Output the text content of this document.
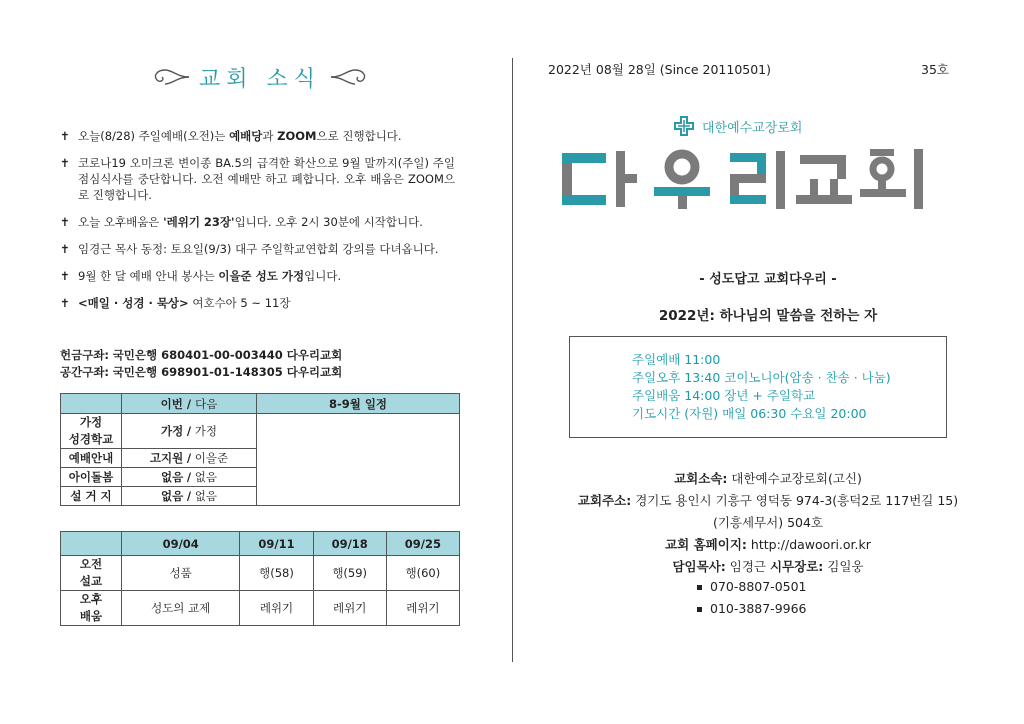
교회 소식
✝ 오늘(8/28) 주일예배(오전)는 예배당과 ZOOM으로 진행합니다.
✝ 코로나19 오미크론 변이종 BA.5의 급격한 확산으로 9월 말까지(주일) 주일 점심식사를 중단합니다. 오전 예배만 하고 폐합니다. 오후 배움은 ZOOM으로 진행합니다.
✝ 오늘 오후배움은 '레위기 23장'입니다. 오후 2시 30분에 시작합니다.
✝ 임경근 목사 동정: 토요일(9/3) 대구 주일학교연합회 강의를 다녀옵니다.
✝ 9월 한 달 예배 안내 봉사는 이을준 성도 가정입니다.
✝ <매일 · 성경 · 묵상> 여호수아 5 ~ 11장
헌금구좌: 국민은행 680401-00-003440 다우리교회
공간구좌: 국민은행 698901-01-148305 다우리교회
	이번 / 다음	8-9월 일정
가정
성경학교	가정 / 가정	
예배안내	고지원 / 이을준	
아이돌봄	없음 / 없음	
설 거 지	없음 / 없음	
	09/04	09/11	09/18	09/25
오전
설교	성품	행(58)	행(59)	행(60)
오후
배움	성도의 교제	레위기	레위기	레위기
2022년 08월 28일 (Since 20110501)	35호
대한예수교장로회
- 성도답고 교회다우리 -
2022년: 하나님의 말씀을 전하는 자
주일예배 11:00
주일오후 13:40 코이노니아(암송 · 찬송 · 나눔)
주일배움 14:00 장년 + 주일학교
기도시간 (자원) 매일 06:30 수요일 20:00
교회소속: 대한예수교장로회(고신)
교회주소: 경기도 용인시 기흥구 영덕동 974-3(흥덕2로 117번길 15)
(기흥세무서) 504호
교회 홈페이지: http://dawoori.or.kr
담임목사: 임경근 시무장로: 김일웅
070-8807-0501
010-3887-9966
